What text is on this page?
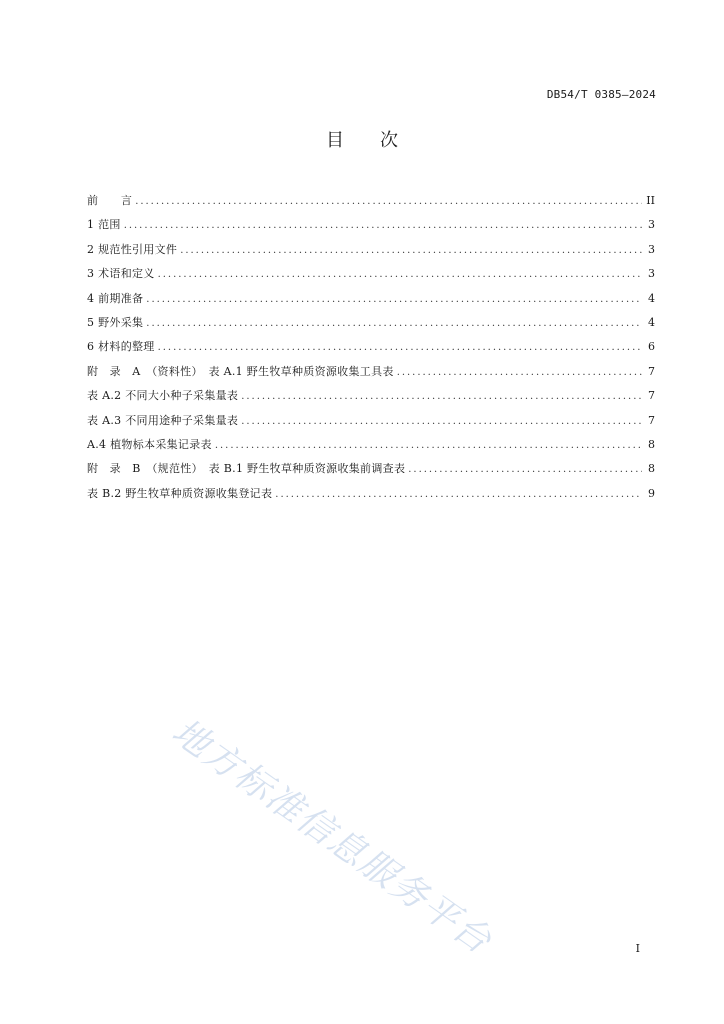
DB54/T 0385—2024
目 次
前　　言 . . .	II
1 范围 . . .	3
2 规范性引用文件 . . .	3
3 术语和定义 . . .	3
4 前期准备 . . .	4
5 野外采集 . . .	4
6 材料的整理 . . .	6
附　录　A　（资料性）　表 A.1 野生牧草种质资源收集工具表 . . .	7
表 A.2 不同大小种子采集量表 . . .	7
表 A.3 不同用途种子采集量表 . . .	7
A.4 植物标本采集记录表 . . .	8
附　录　B　（规范性）　表 B.1 野生牧草种质资源收集前调查表 . . .	8
表 B.2 野生牧草种质资源收集登记表 . . .	9
地方标准信息服务平台	I
